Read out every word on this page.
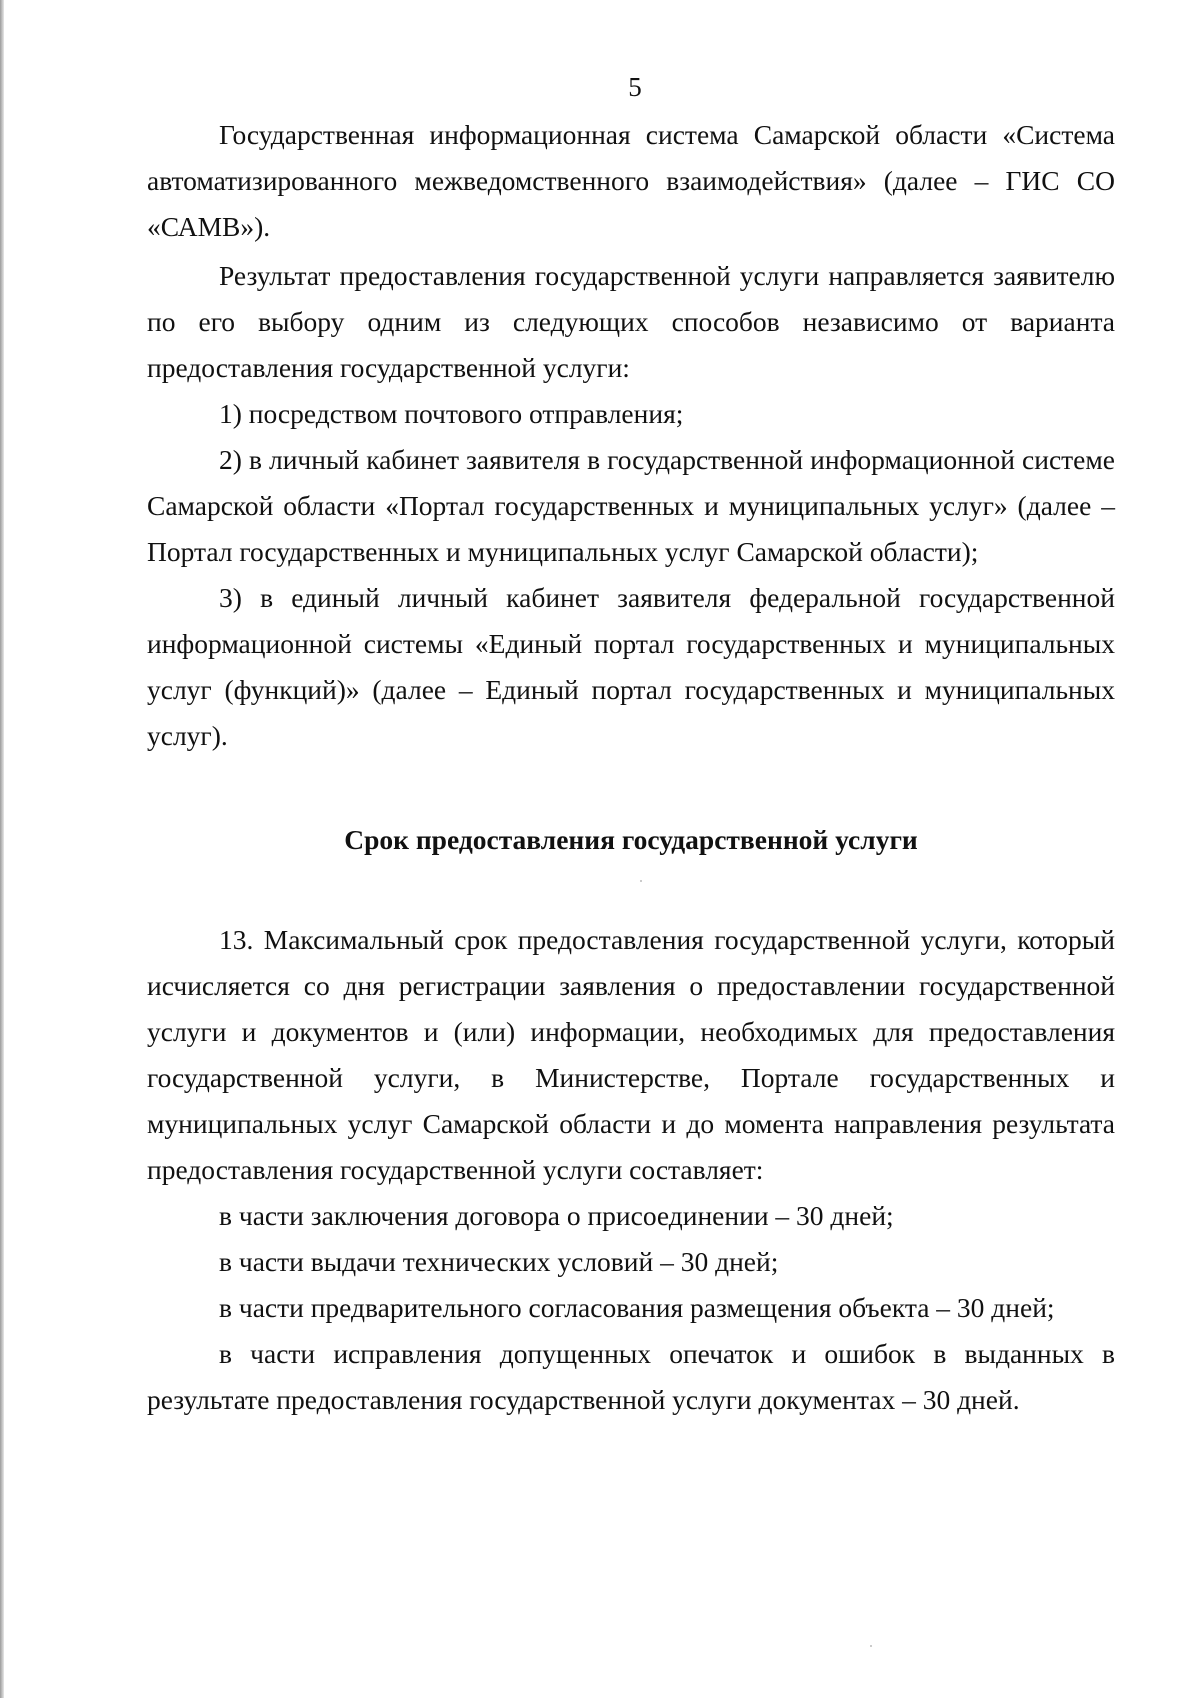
5

Государственная информационная система Самарской области «Система автоматизированного межведомственного взаимодействия» (далее – ГИС СО «САМВ»).

Результат предоставления государственной услуги направляется заявителю по его выбору одним из следующих способов независимо от варианта предоставления государственной услуги:

1) посредством почтового отправления;

2) в личный кабинет заявителя в государственной информационной системе Самарской области «Портал государственных и муниципальных услуг» (далее – Портал государственных и муниципальных услуг Самарской области);

3) в единый личный кабинет заявителя федеральной государственной информационной системы «Единый портал государственных и муниципальных услуг (функций)» (далее – Единый портал государственных и муниципальных услуг).

Срок предоставления государственной услуги

13. Максимальный срок предоставления государственной услуги, который исчисляется со дня регистрации заявления о предоставлении государственной услуги и документов и (или) информации, необходимых для предоставления государственной услуги, в Министерстве, Портале государственных и муниципальных услуг Самарской области и до момента направления результата предоставления государственной услуги составляет:

в части заключения договора о присоединении – 30 дней;

в части выдачи технических условий – 30 дней;

в части предварительного согласования размещения объекта – 30 дней;

в части исправления допущенных опечаток и ошибок в выданных в результате предоставления государственной услуги документах – 30 дней.
